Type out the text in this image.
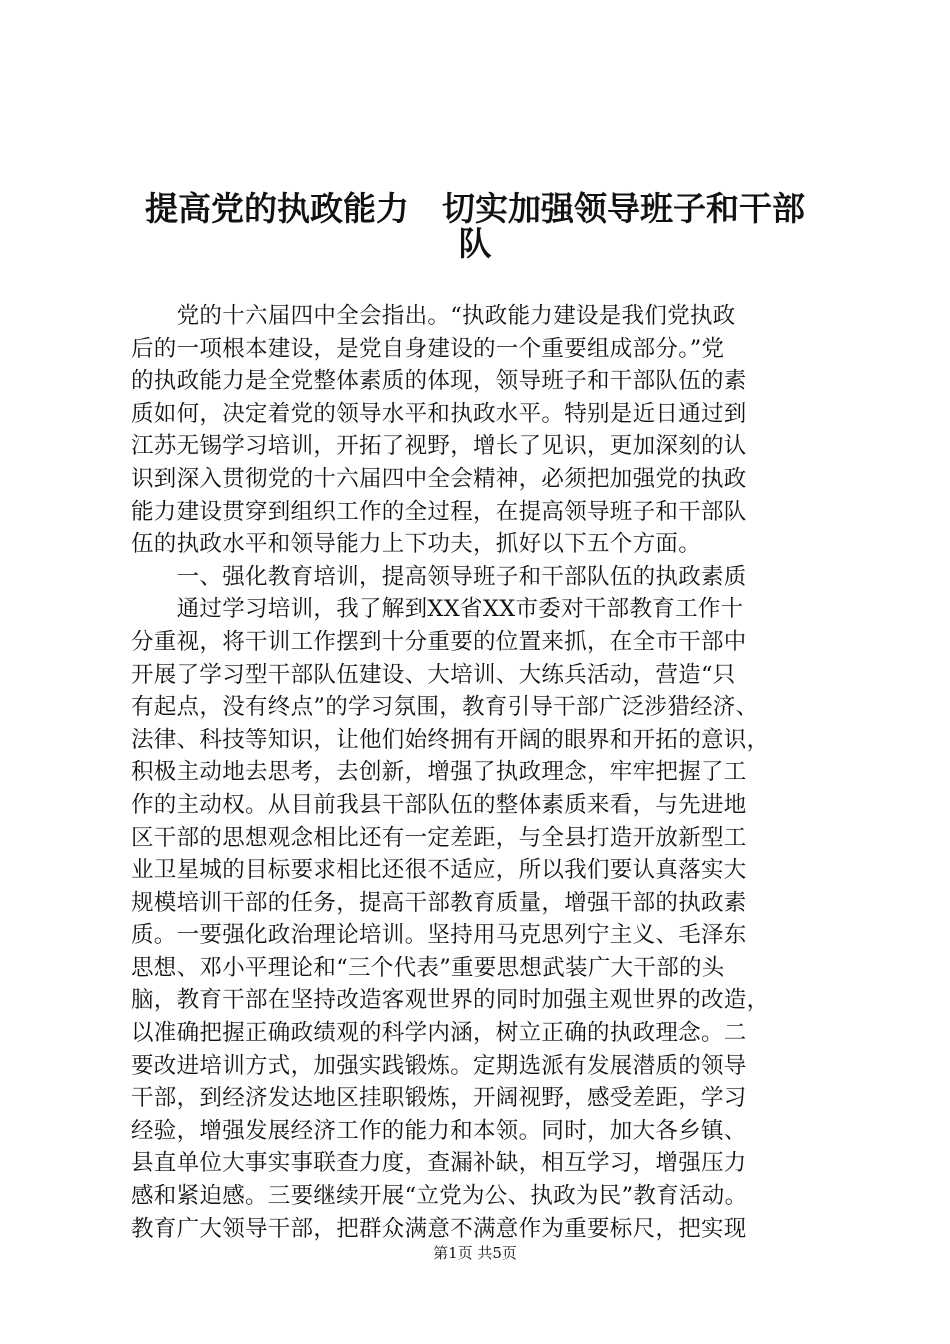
提高党的执政能力　切实加强领导班子和干部
队
　　党的十六届四中全会指出。“执政能力建设是我们党执政
后的一项根本建设，是党自身建设的一个重要组成部分。”党
的执政能力是全党整体素质的体现，领导班子和干部队伍的素
质如何，决定着党的领导水平和执政水平。特别是近日通过到
江苏无锡学习培训，开拓了视野，增长了见识，更加深刻的认
识到深入贯彻党的十六届四中全会精神，必须把加强党的执政
能力建设贯穿到组织工作的全过程，在提高领导班子和干部队
伍的执政水平和领导能力上下功夫，抓好以下五个方面。
　　一、强化教育培训，提高领导班子和干部队伍的执政素质
　　通过学习培训，我了解到XX省XX市委对干部教育工作十
分重视，将干训工作摆到十分重要的位置来抓，在全市干部中
开展了学习型干部队伍建设、大培训、大练兵活动，营造“只
有起点，没有终点”的学习氛围，教育引导干部广泛涉猎经济、
法律、科技等知识，让他们始终拥有开阔的眼界和开拓的意识，
积极主动地去思考，去创新，增强了执政理念，牢牢把握了工
作的主动权。从目前我县干部队伍的整体素质来看，与先进地
区干部的思想观念相比还有一定差距，与全县打造开放新型工
业卫星城的目标要求相比还很不适应，所以我们要认真落实大
规模培训干部的任务，提高干部教育质量，增强干部的执政素
质。一要强化政治理论培训。坚持用马克思列宁主义、毛泽东
思想、邓小平理论和“三个代表”重要思想武装广大干部的头
脑，教育干部在坚持改造客观世界的同时加强主观世界的改造，
以准确把握正确政绩观的科学内涵，树立正确的执政理念。二
要改进培训方式，加强实践锻炼。定期选派有发展潜质的领导
干部，到经济发达地区挂职锻炼，开阔视野，感受差距，学习
经验，增强发展经济工作的能力和本领。同时，加大各乡镇、
县直单位大事实事联查力度，查漏补缺，相互学习，增强压力
感和紧迫感。三要继续开展“立党为公、执政为民”教育活动。
教育广大领导干部，把群众满意不满意作为重要标尺，把实现
第1页 共5页
